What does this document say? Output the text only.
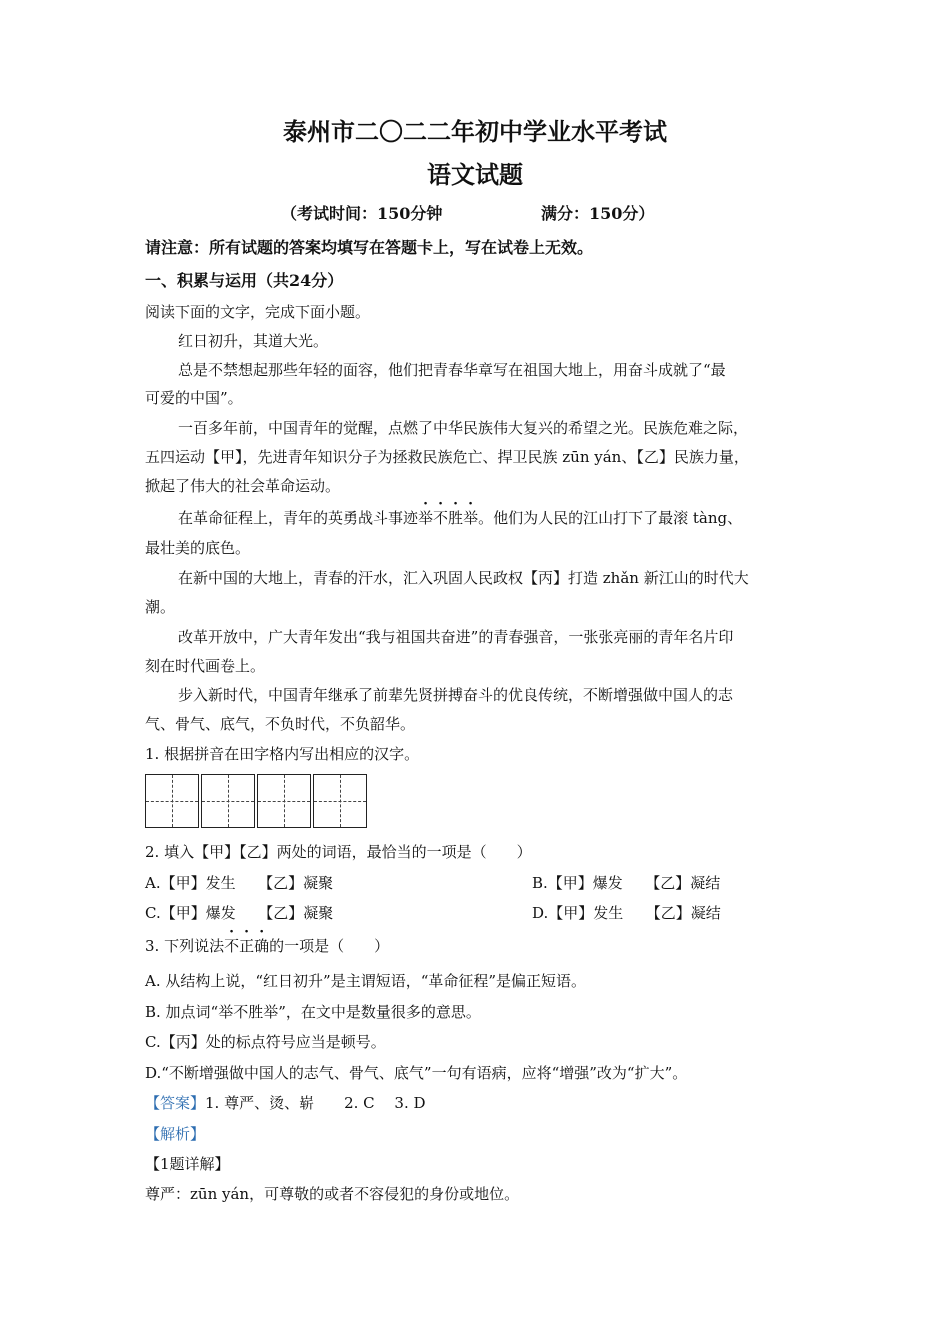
泰州市二〇二二年初中学业水平考试
语文试题
（考试时间：150分钟	满分：150分）
请注意：所有试题的答案均填写在答题卡上，写在试卷上无效。
一、积累与运用（共24分）
阅读下面的文字，完成下面小题。
红日初升，其道大光。
总是不禁想起那些年轻的面容，他们把青春华章写在祖国大地上，用奋斗成就了“最
可爱的中国”。
一百多年前，中国青年的觉醒，点燃了中华民族伟大复兴的希望之光。民族危难之际，
五四运动【甲】，先进青年知识分子为拯救民族危亡、捍卫民族 zūn yán、【乙】民族力量，
掀起了伟大的社会革命运动。
在革命征程上，青年的英勇战斗事迹举不胜举。他们为人民的江山打下了最滚 tàng、
最壮美的底色。
在新中国的大地上，青春的汗水，汇入巩固人民政权【丙】打造 zhǎn 新江山的时代大
潮。
改革开放中，广大青年发出“我与祖国共奋进”的青春强音，一张张亮丽的青年名片印
刻在时代画卷上。
步入新时代，中国青年继承了前辈先贤拼搏奋斗的优良传统，不断增强做中国人的志
气、骨气、底气，不负时代，不负韶华。
1. 根据拼音在田字格内写出相应的汉字。
2. 填入【甲】【乙】两处的词语，最恰当的一项是（　　）
A.【甲】发生　　【乙】凝聚	B.【甲】爆发　　【乙】凝结
C.【甲】爆发　　【乙】凝聚	D.【甲】发生　　【乙】凝结
3. 下列说法不正确的一项是（　　）
A. 从结构上说，“红日初升”是主谓短语，“革命征程”是偏正短语。
B. 加点词“举不胜举”，在文中是数量很多的意思。
C.【丙】处的标点符号应当是顿号。
D.“不断增强做中国人的志气、骨气、底气”一句有语病，应将“增强”改为“扩大”。
【答案】1. 尊严、烫、崭　　2. C　 3. D
【解析】
【1题详解】
尊严：zūn yán，可尊敬的或者不容侵犯的身份或地位。
